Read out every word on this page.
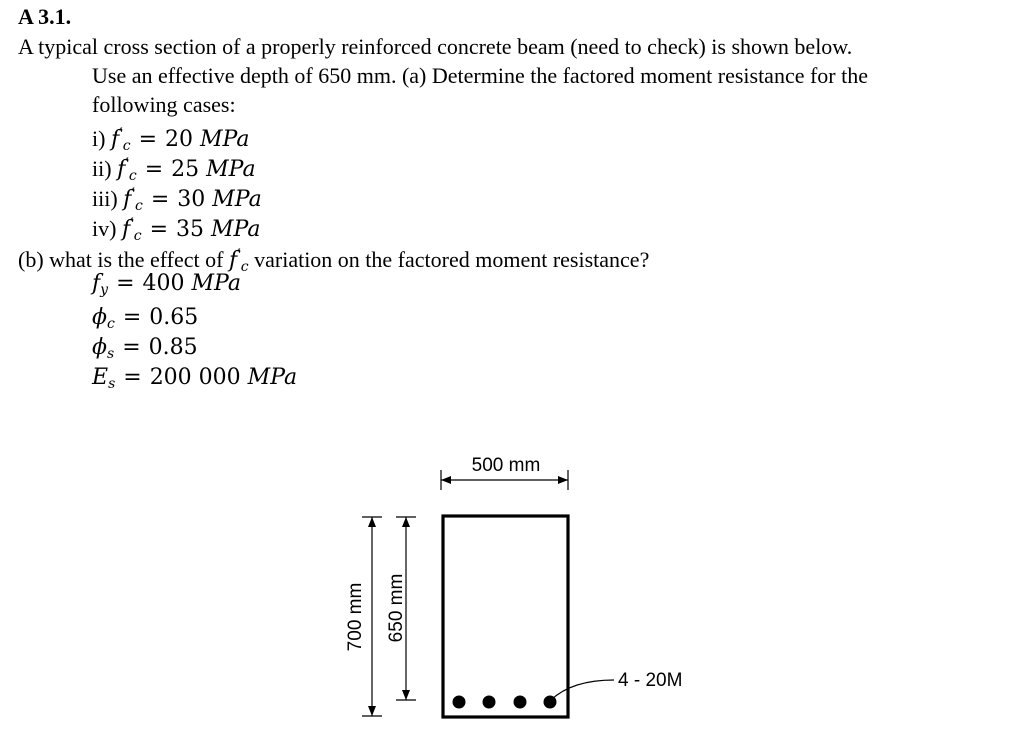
A 3.1.
A typical cross section of a properly reinforced concrete beam (need to check) is shown below.
Use an effective depth of 650 mm. (a) Determine the factored moment resistance for the
following cases:
i) $f'_c = 20$ MPa
ii) $f'_c = 25$ MPa
iii) $f'_c = 30$ MPa
iv) $f'_c = 35$ MPa
(b) what is the effect of $f'_c$ variation on the factored moment resistance?
$f_y = 400$ MPa
$\phi_c = 0.65$
$\phi_s = 0.85$
$E_s = 200$ 000 MPa
500 mm
700 mm 650 mm
4 - 20M
